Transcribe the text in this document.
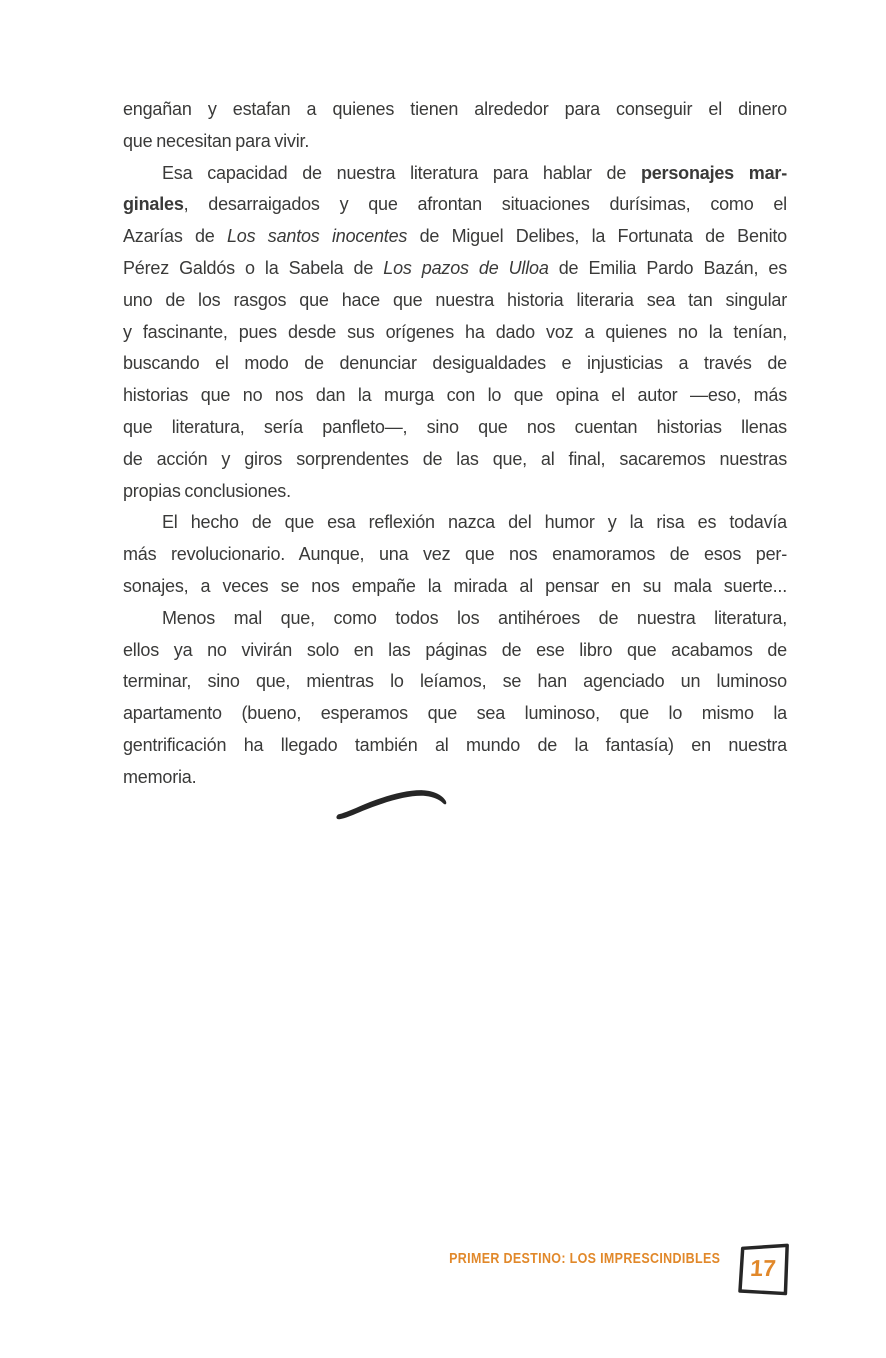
engañan y estafan a quienes tienen alrededor para conseguir el dinero
que necesitan para vivir.
Esa capacidad de nuestra literatura para hablar de personajes mar-
ginales, desarraigados y que afrontan situaciones durísimas, como el
Azarías de Los santos inocentes de Miguel Delibes, la Fortunata de Benito
Pérez Galdós o la Sabela de Los pazos de Ulloa de Emilia Pardo Bazán, es
uno de los rasgos que hace que nuestra historia literaria sea tan singular
y fascinante, pues desde sus orígenes ha dado voz a quienes no la tenían,
buscando el modo de denunciar desigualdades e injusticias a través de
historias que no nos dan la murga con lo que opina el autor —eso, más
que literatura, sería panfleto—, sino que nos cuentan historias llenas
de acción y giros sorprendentes de las que, al final, sacaremos nuestras
propias conclusiones.
El hecho de que esa reflexión nazca del humor y la risa es todavía
más revolucionario. Aunque, una vez que nos enamoramos de esos per-
sonajes, a veces se nos empañe la mirada al pensar en su mala suerte...
Menos mal que, como todos los antihéroes de nuestra literatura,
ellos ya no vivirán solo en las páginas de ese libro que acabamos de
terminar, sino que, mientras lo leíamos, se han agenciado un luminoso
apartamento (bueno, esperamos que sea luminoso, que lo mismo la
gentrificación ha llegado también al mundo de la fantasía) en nuestra
memoria.
PRIMER DESTINO: LOS IMPRESCINDIBLES	17
